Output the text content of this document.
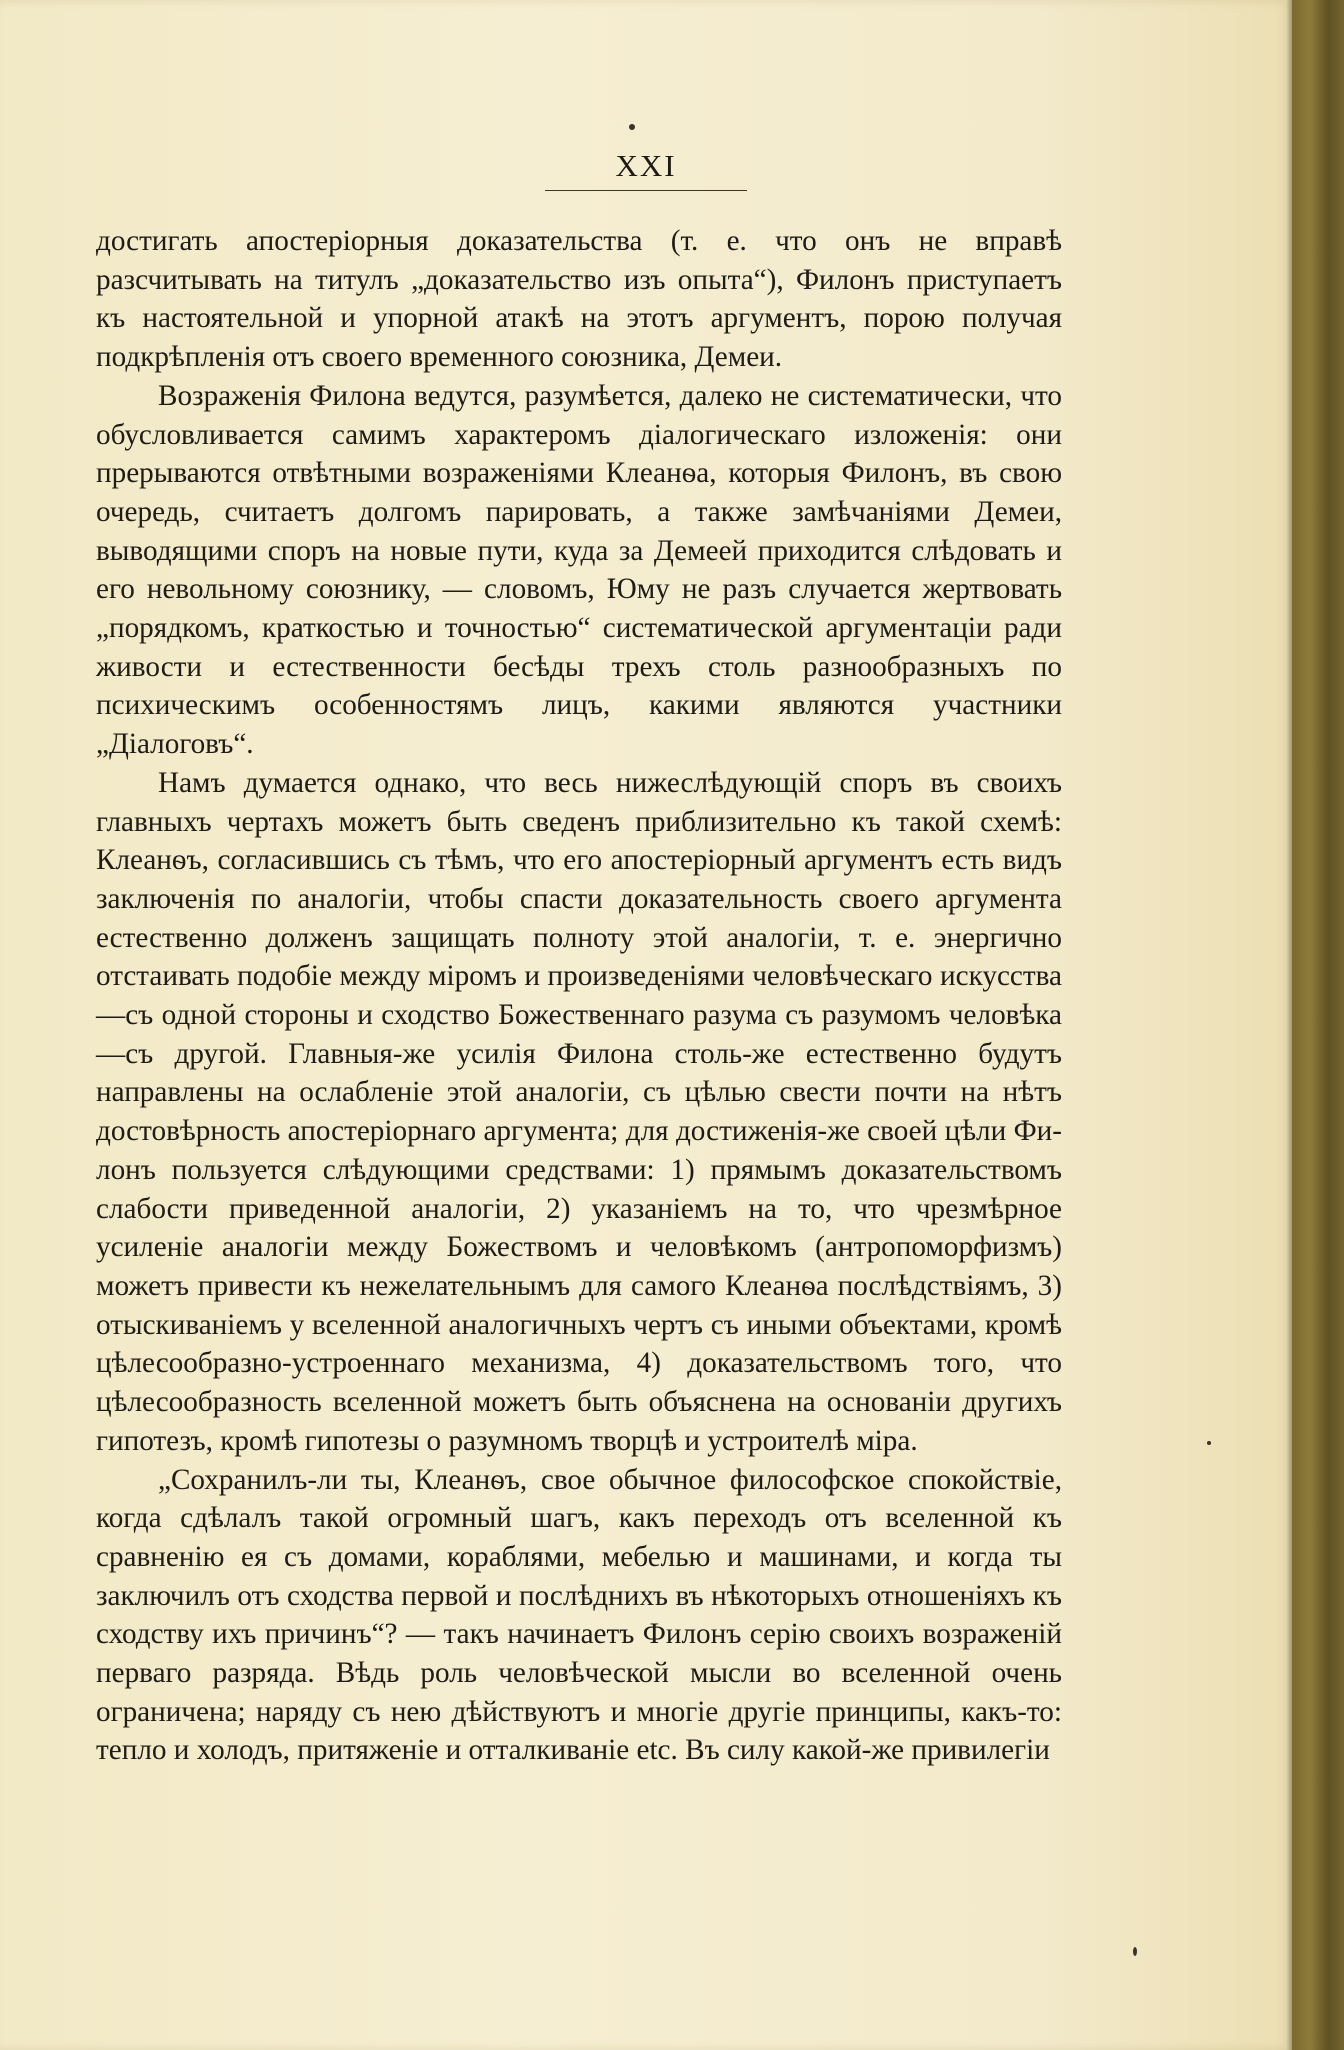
XXI

достигать апостеріорныя доказательства (т. е. что онъ не вправѣ разсчитывать на титулъ „доказательство изъ опыта“), Филонъ приступаетъ къ настоятельной и упорной атакѣ на этотъ аргументъ, порою получая подкрѣпленія отъ своего временного союзника, Демеи.

Возраженія Филона ведутся, разумѣется, далеко не систематически, что обусловливается самимъ характеромъ діалогическаго изложенія: они прерываются отвѣтными возраженіями Клеанѳа, которыя Филонъ, въ свою очередь, считаетъ долгомъ парировать, а также замѣчаніями Демеи, выводящими споръ на новые пути, куда за Демеей приходится слѣдовать и его невольному союзнику, — словомъ, Юму не разъ случается жертвовать „порядкомъ, краткостью и точностью“ систематической аргументаціи ради живости и естественности бесѣды трехъ столь разнообразныхъ по психическимъ особенностямъ лицъ, какими являются участники „Діалоговъ“.

Намъ думается однако, что весь нижеслѣдующій споръ въ своихъ главныхъ чертахъ можетъ быть сведенъ приблизительно къ такой схемѣ: Клеанѳъ, согласившись съ тѣмъ, что его апостеріорный аргументъ есть видъ заключенія по аналогіи, чтобы спасти доказательность своего аргумента естественно долженъ защищать полноту этой аналогіи, т. е. энергично отстаивать подобіе между міромъ и произведеніями человѣческаго искусства—съ одной стороны и сходство Божественнаго разума съ разумомъ человѣка—съ другой. Главныя-же усилія Филона столь-же естественно будутъ направлены на ослабленіе этой аналогіи, съ цѣлью свести почти на нѣтъ достовѣрность апостеріорнаго аргумента; для достиженія-же своей цѣли Филонъ пользуется слѣдующими средствами: 1) прямымъ доказательствомъ слабости приведенной аналогіи, 2) указаніемъ на то, что чрезмѣрное усиленіе аналогіи между Божествомъ и человѣкомъ (антропоморфизмъ) можетъ привести къ нежелательнымъ для самого Клеанѳа послѣдствіямъ, 3) отыскиваніемъ у вселенной аналогичныхъ чертъ съ иными объектами, кромѣ цѣлесообразно-устроеннаго механизма, 4) доказательствомъ того, что цѣлесообразность вселенной можетъ быть объяснена на основаніи другихъ гипотезъ, кромѣ гипотезы о разумномъ творцѣ и устроителѣ міра.

„Сохранилъ-ли ты, Клеанѳъ, свое обычное философское спокойствіе, когда сдѣлалъ такой огромный шагъ, какъ переходъ отъ вселенной къ сравненію ея съ домами, кораблями, мебелью и машинами, и когда ты заключилъ отъ сходства первой и послѣднихъ въ нѣкоторыхъ отношеніяхъ къ сходству ихъ причинъ“? — такъ начинаетъ Филонъ серію своихъ возраженій перваго разряда. Вѣдь роль человѣческой мысли во вселенной очень ограничена; наряду съ нею дѣйствуютъ и многіе другіе принципы, какъ-то: тепло и холодъ, притяженіе и отталкиваніе etc. Въ силу какой-же привилегіи
